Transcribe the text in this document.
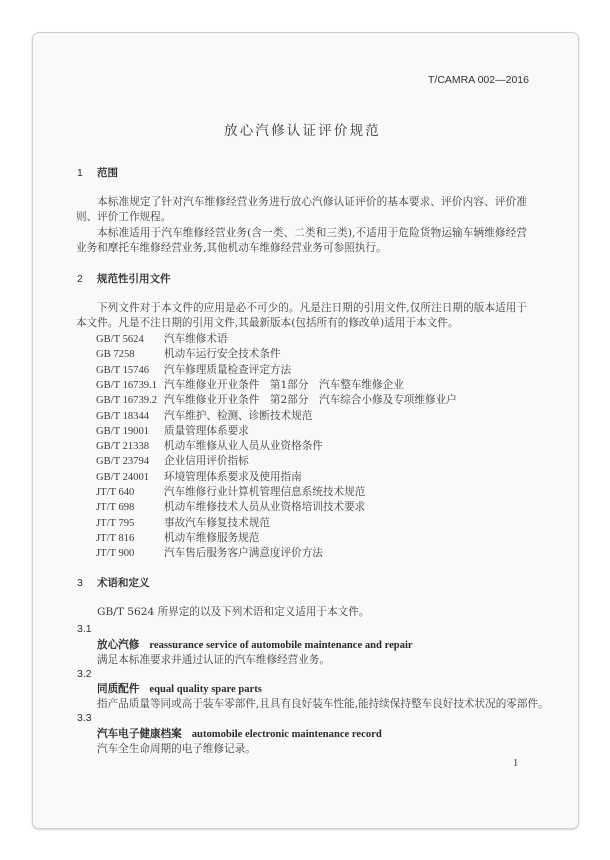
T/CAMRA 002—2016
放心汽修认证评价规范
1 范围
本标准规定了针对汽车维修经营业务进行放心汽修认证评价的基本要求、评价内容、评价准则、评价工作规程。
本标准适用于汽车维修经营业务(含一类、二类和三类),不适用于危险货物运输车辆维修经营业务和摩托车维修经营业务,其他机动车维修经营业务可参照执行。
2 规范性引用文件
下列文件对于本文件的应用是必不可少的。凡是注日期的引用文件,仅所注日期的版本适用于本文件。凡是不注日期的引用文件,其最新版本(包括所有的修改单)适用于本文件。
GB/T 5624 汽车维修术语
GB 7258	机动车运行安全技术条件
GB/T 15746 汽车修理质量检查评定方法
GB/T 16739.1 汽车维修业开业条件　第1部分　汽车整车维修企业
GB/T 16739.2 汽车维修业开业条件　第2部分　汽车综合小修及专项维修业户
GB/T 18344 汽车维护、检测、诊断技术规范
GB/T 19001 质量管理体系要求
GB/T 21338 机动车维修从业人员从业资格条件
GB/T 23794 企业信用评价指标
GB/T 24001 环境管理体系要求及使用指南
JT/T 640	汽车维修行业计算机管理信息系统技术规范
JT/T 698	机动车维修技术人员从业资格培训技术要求
JT/T 795	事故汽车修复技术规范
JT/T 816	机动车维修服务规范
JT/T 900	汽车售后服务客户满意度评价方法
3 术语和定义
GB/T 5624 所界定的以及下列术语和定义适用于本文件。
3.1
放心汽修 reassurance service of automobile maintenance and repair
满足本标准要求并通过认证的汽车维修经营业务。
3.2
同质配件 equal quality spare parts
指产品质量等同或高于装车零部件,且具有良好装车性能,能持续保持整车良好技术状况的零部件。
3.3
汽车电子健康档案 automobile electronic maintenance record
汽车全生命周期的电子维修记录。
1
